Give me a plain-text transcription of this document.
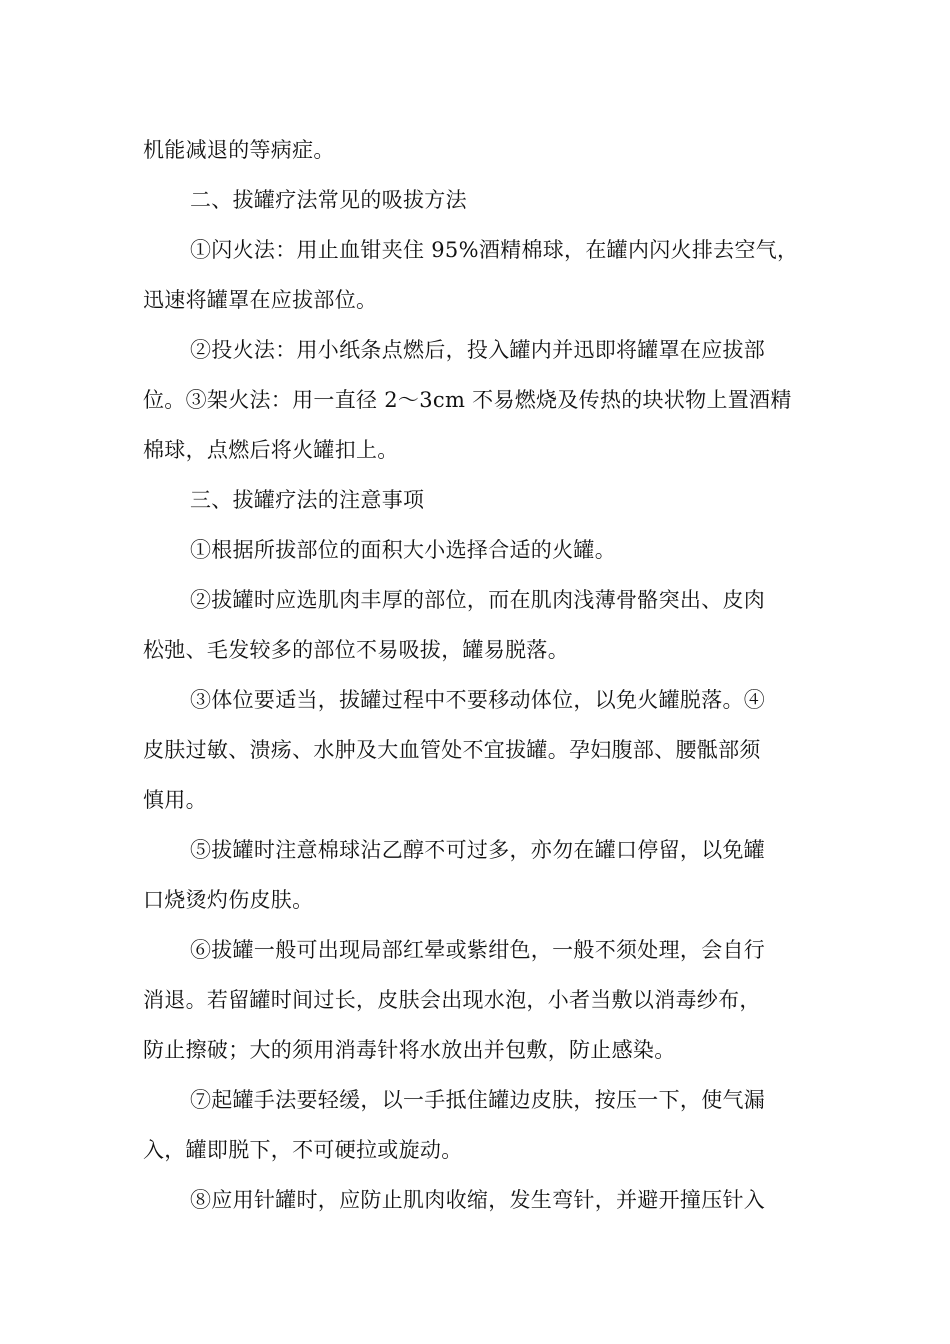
机能减退的等病症。
二、拔罐疗法常见的吸拔方法
①闪火法：用止血钳夹住 95%酒精棉球，在罐内闪火排去空气，
迅速将罐罩在应拔部位。
②投火法：用小纸条点燃后，投入罐内并迅即将罐罩在应拔部
位。③架火法：用一直径 2～3cm 不易燃烧及传热的块状物上置酒精
棉球，点燃后将火罐扣上。
三、拔罐疗法的注意事项
①根据所拔部位的面积大小选择合适的火罐。
②拔罐时应选肌肉丰厚的部位，而在肌肉浅薄骨骼突出、皮肉
松弛、毛发较多的部位不易吸拔，罐易脱落。
③体位要适当，拔罐过程中不要移动体位，以免火罐脱落。④
皮肤过敏、溃疡、水肿及大血管处不宜拔罐。孕妇腹部、腰骶部须
慎用。
⑤拔罐时注意棉球沾乙醇不可过多，亦勿在罐口停留，以免罐
口烧烫灼伤皮肤。
⑥拔罐一般可出现局部红晕或紫绀色，一般不须处理，会自行
消退。若留罐时间过长，皮肤会出现水泡，小者当敷以消毒纱布，
防止擦破；大的须用消毒针将水放出并包敷，防止感染。
⑦起罐手法要轻缓，以一手抵住罐边皮肤，按压一下，使气漏
入，罐即脱下，不可硬拉或旋动。
⑧应用针罐时，应防止肌肉收缩，发生弯针，并避开撞压针入
